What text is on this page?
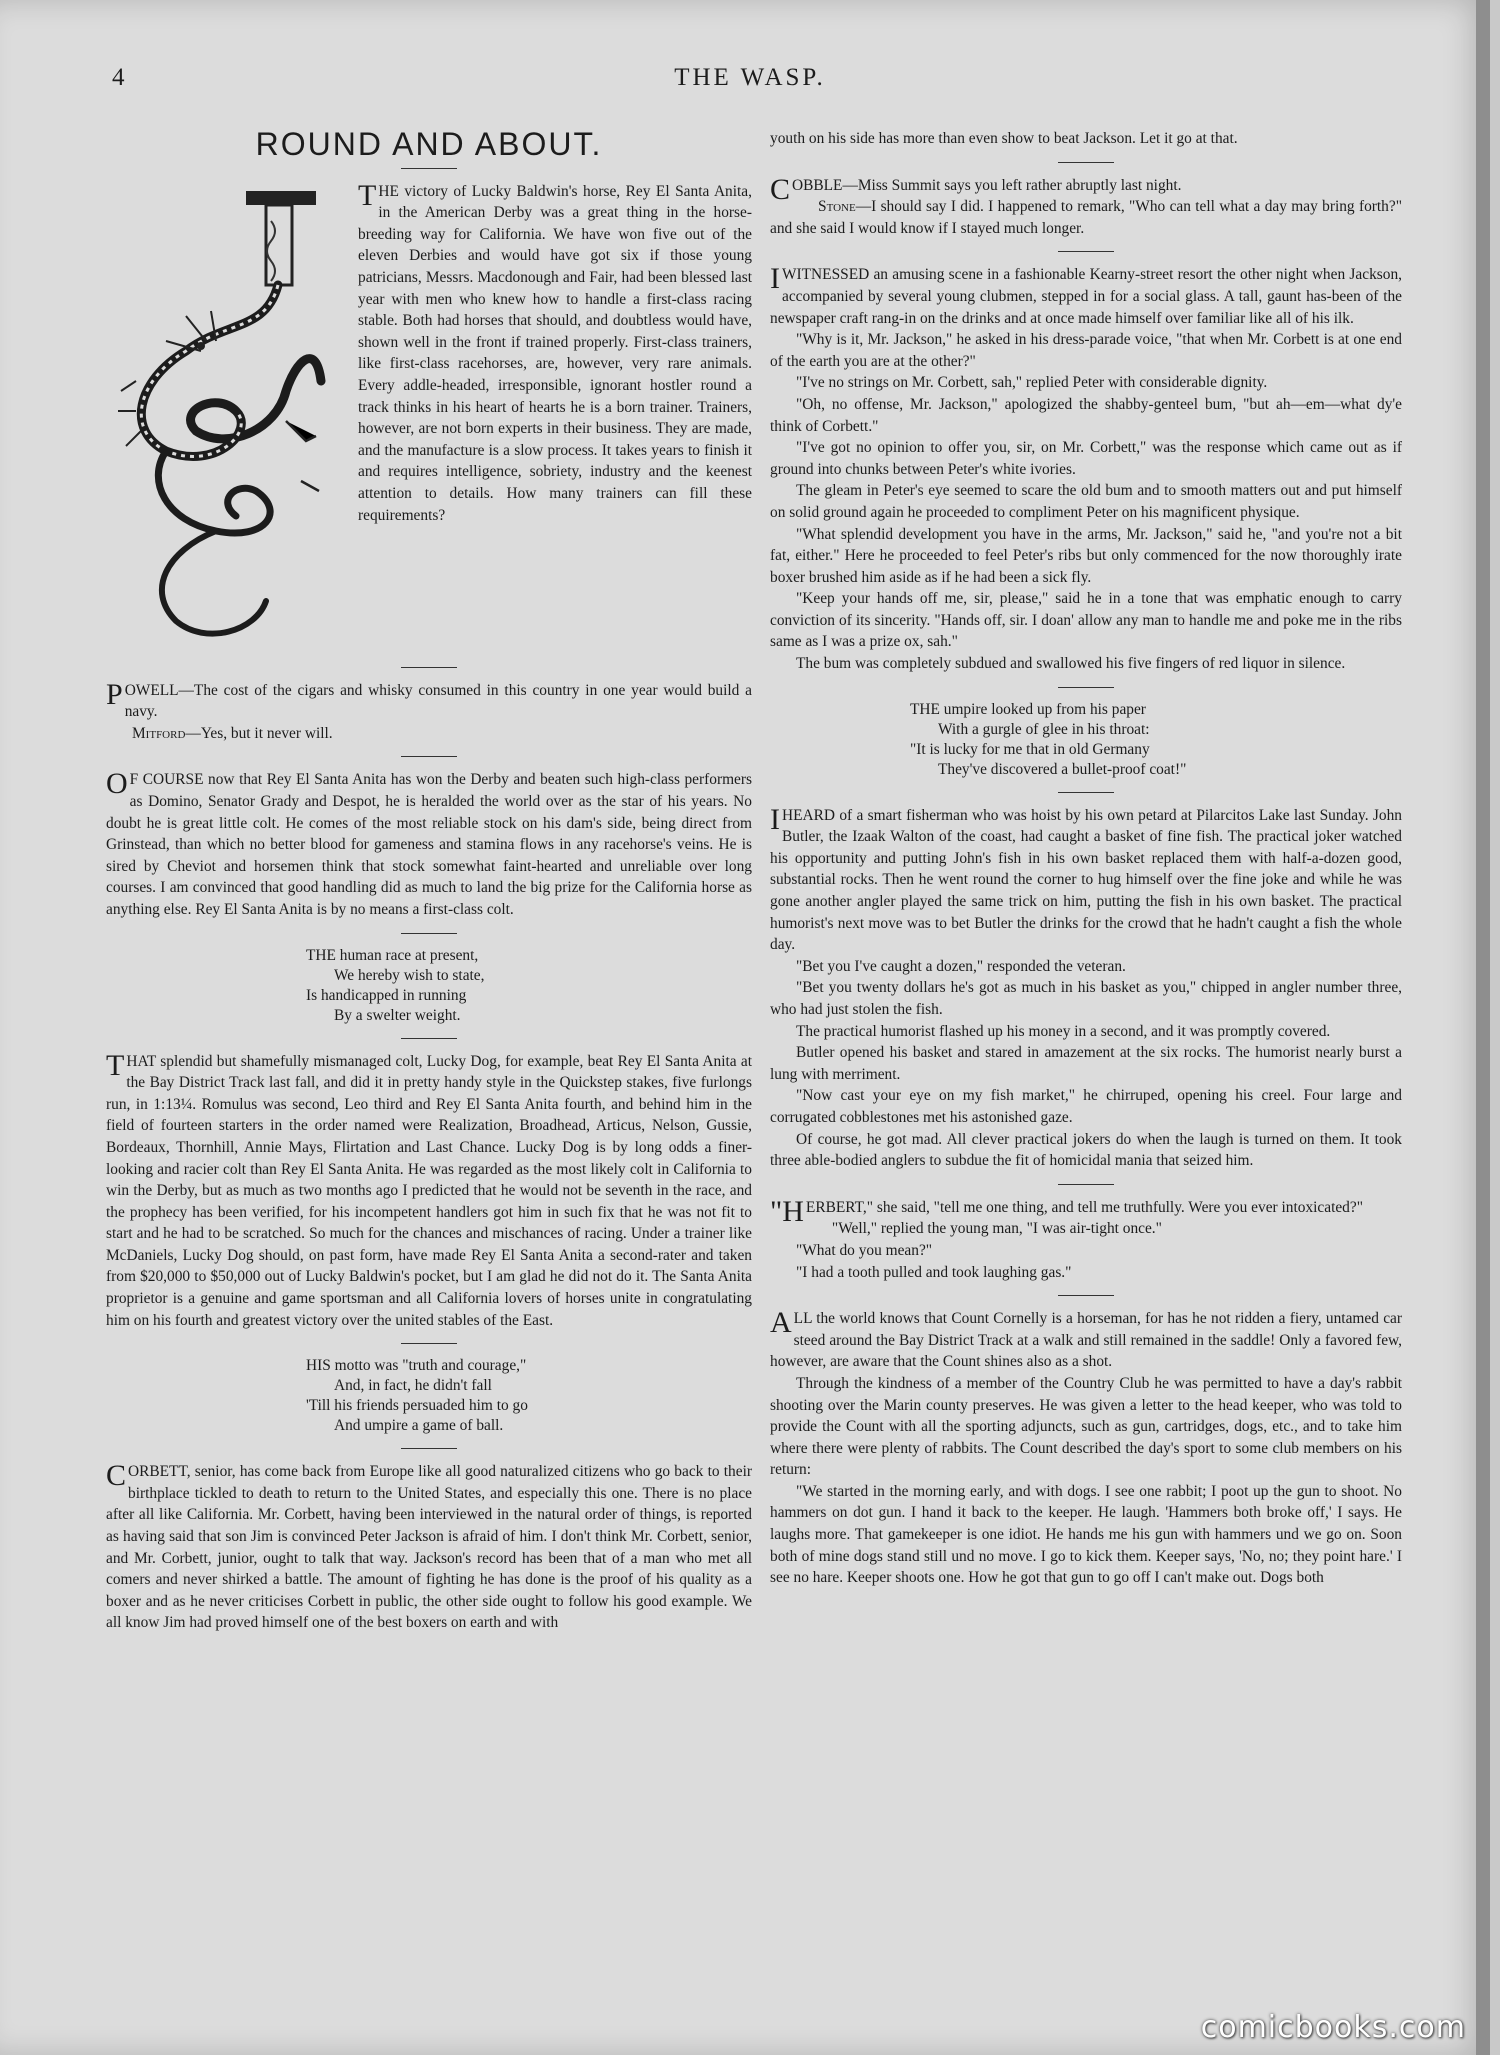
4	THE WASP.
ROUND AND ABOUT.

THE victory of Lucky Baldwin's horse, Rey El Santa Anita, in the American Derby was a great thing in the horse-breeding way for California. We have won five out of the eleven Derbies and would have got six if those young patricians, Messrs. Macdonough and Fair, had been blessed last year with men who knew how to handle a first-class racing stable. Both had horses that should, and doubtless would have, shown well in the front if trained properly. First-class trainers, like first-class racehorses, are, however, very rare animals. Every addle-headed, irresponsible, ignorant hostler round a track thinks in his heart of hearts he is a born trainer. Trainers, however, are not born experts in their business. They are made, and the manufacture is a slow process. It takes years to finish it and requires intelligence, sobriety, industry and the keenest attention to details. How many trainers can fill these requirements?

POWELL—The cost of the cigars and whisky consumed in this country in one year would build a navy.

Mitford—Yes, but it never will.

O F COURSE now that Rey El Santa Anita has won the Derby and beaten such high-class performers as Domino, Senator Grady and Despot, he is heralded the world over as the star of his years. No doubt he is great little colt. He comes of the most reliable stock on his dam's side, being direct from Grinstead, than which no better blood for gameness and stamina flows in any racehorse's veins. He is sired by Cheviot and horsemen think that stock somewhat faint-hearted and unreliable over long courses. I am convinced that good handling did as much to land the big prize for the California horse as anything else. Rey El Santa Anita is by no means a first-class colt.

THE human race at present,
We hereby wish to state,
Is handicapped in running
By a swelter weight.

THAT splendid but shamefully mismanaged colt, Lucky Dog, for example, beat Rey El Santa Anita at the Bay District Track last fall, and did it in pretty handy style in the Quickstep stakes, five furlongs run, in 1:13¼. Romulus was second, Leo third and Rey El Santa Anita fourth, and behind him in the field of fourteen starters in the order named were Realization, Broadhead, Articus, Nelson, Gussie, Bordeaux, Thornhill, Annie Mays, Flirtation and Last Chance. Lucky Dog is by long odds a finer-looking and racier colt than Rey El Santa Anita. He was regarded as the most likely colt in California to win the Derby, but as much as two months ago I predicted that he would not be seventh in the race, and the prophecy has been verified, for his incompetent handlers got him in such fix that he was not fit to start and he had to be scratched. So much for the chances and mischances of racing. Under a trainer like McDaniels, Lucky Dog should, on past form, have made Rey El Santa Anita a second-rater and taken from $20,000 to $50,000 out of Lucky Baldwin's pocket, but I am glad he did not do it. The Santa Anita proprietor is a genuine and game sportsman and all California lovers of horses unite in congratulating him on his fourth and greatest victory over the united stables of the East.

HIS motto was "truth and courage,"
And, in fact, he didn't fall
'Till his friends persuaded him to go
And umpire a game of ball.

CORBETT, senior, has come back from Europe like all good naturalized citizens who go back to their birthplace tickled to death to return to the United States, and especially this one. There is no place after all like California. Mr. Corbett, having been interviewed in the natural order of things, is reported as having said that son Jim is convinced Peter Jackson is afraid of him. I don't think Mr. Corbett, senior, and Mr. Corbett, junior, ought to talk that way. Jackson's record has been that of a man who met all comers and never shirked a battle. The amount of fighting he has done is the proof of his quality as a boxer and as he never criticises Corbett in public, the other side ought to follow his good example. We all know Jim had proved himself one of the best boxers on earth and with

youth on his side has more than even show to beat Jackson. Let it go at that.

COBBLE—Miss Summit says you left rather abruptly last night.

Stone—I should say I did. I happened to remark, "Who can tell what a day may bring forth?" and she said I would know if I stayed much longer.

I WITNESSED an amusing scene in a fashionable Kearny-street resort the other night when Jackson, accompanied by several young clubmen, stepped in for a social glass. A tall, gaunt has-been of the newspaper craft rang-in on the drinks and at once made himself over familiar like all of his ilk.

"Why is it, Mr. Jackson," he asked in his dress-parade voice, "that when Mr. Corbett is at one end of the earth you are at the other?"

"I've no strings on Mr. Corbett, sah," replied Peter with considerable dignity.

"Oh, no offense, Mr. Jackson," apologized the shabby-genteel bum, "but ah—em—what dy'e think of Corbett."

"I've got no opinion to offer you, sir, on Mr. Corbett," was the response which came out as if ground into chunks between Peter's white ivories.

The gleam in Peter's eye seemed to scare the old bum and to smooth matters out and put himself on solid ground again he proceeded to compliment Peter on his magnificent physique.

"What splendid development you have in the arms, Mr. Jackson," said he, "and you're not a bit fat, either." Here he proceeded to feel Peter's ribs but only commenced for the now thoroughly irate boxer brushed him aside as if he had been a sick fly.

"Keep your hands off me, sir, please," said he in a tone that was emphatic enough to carry conviction of its sincerity. "Hands off, sir. I doan' allow any man to handle me and poke me in the ribs same as I was a prize ox, sah."

The bum was completely subdued and swallowed his five fingers of red liquor in silence.

THE umpire looked up from his paper
With a gurgle of glee in his throat:
"It is lucky for me that in old Germany
They've discovered a bullet-proof coat!"

I HEARD of a smart fisherman who was hoist by his own petard at Pilarcitos Lake last Sunday. John Butler, the Izaak Walton of the coast, had caught a basket of fine fish. The practical joker watched his opportunity and putting John's fish in his own basket replaced them with half-a-dozen good, substantial rocks. Then he went round the corner to hug himself over the fine joke and while he was gone another angler played the same trick on him, putting the fish in his own basket. The practical humorist's next move was to bet Butler the drinks for the crowd that he hadn't caught a fish the whole day.

"Bet you I've caught a dozen," responded the veteran.

"Bet you twenty dollars he's got as much in his basket as you," chipped in angler number three, who had just stolen the fish.

The practical humorist flashed up his money in a second, and it was promptly covered.

Butler opened his basket and stared in amazement at the six rocks. The humorist nearly burst a lung with merriment.

"Now cast your eye on my fish market," he chirruped, opening his creel. Four large and corrugated cobblestones met his astonished gaze.

Of course, he got mad. All clever practical jokers do when the laugh is turned on them. It took three able-bodied anglers to subdue the fit of homicidal mania that seized him.

"HERBERT," she said, "tell me one thing, and tell me truthfully. Were you ever intoxicated?"

"Well," replied the young man, "I was air-tight once."

"What do you mean?"

"I had a tooth pulled and took laughing gas."

ALL the world knows that Count Cornelly is a horseman, for has he not ridden a fiery, untamed car steed around the Bay District Track at a walk and still remained in the saddle! Only a favored few, however, are aware that the Count shines also as a shot.

Through the kindness of a member of the Country Club he was permitted to have a day's rabbit shooting over the Marin county preserves. He was given a letter to the head keeper, who was told to provide the Count with all the sporting adjuncts, such as gun, cartridges, dogs, etc., and to take him where there were plenty of rabbits. The Count described the day's sport to some club members on his return:

"We started in the morning early, and with dogs. I see one rabbit; I poot up the gun to shoot. No hammers on dot gun. I hand it back to the keeper. He laugh. 'Hammers both broke off,' I says. He laughs more. That gamekeeper is one idiot. He hands me his gun with hammers und we go on. Soon both of mine dogs stand still und no move. I go to kick them. Keeper says, 'No, no; they point hare.' I see no hare. Keeper shoots one. How he got that gun to go off I can't make out. Dogs both

comicbooks.com
